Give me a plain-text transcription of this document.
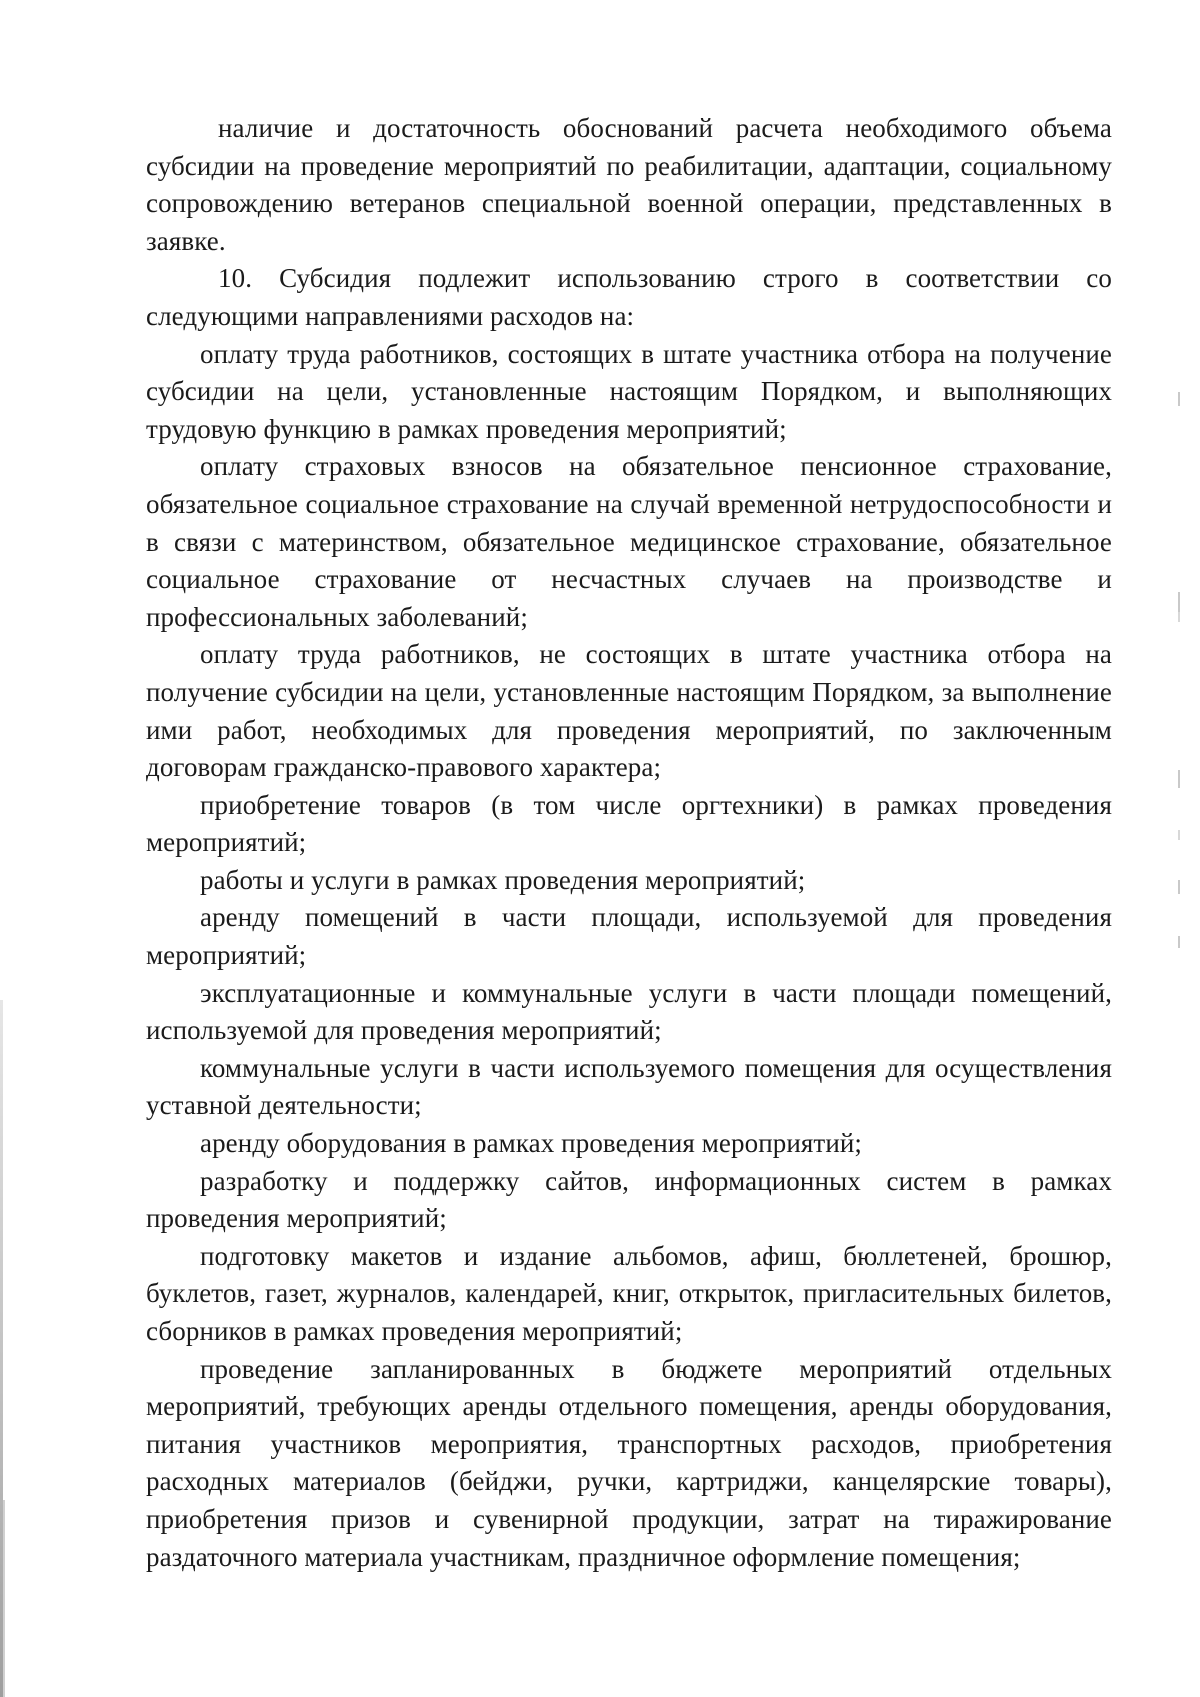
наличие и достаточность обоснований расчета необходимого объема субсидии на проведение мероприятий по реабилитации, адаптации, социальному сопровождению ветеранов специальной военной операции, представленных в заявке.

10. Субсидия подлежит использованию строго в соответствии со следующими направлениями расходов на:

оплату труда работников, состоящих в штате участника отбора на получение субсидии на цели, установленные настоящим Порядком, и выполняющих трудовую функцию в рамках проведения мероприятий;

оплату страховых взносов на обязательное пенсионное страхование, обязательное социальное страхование на случай временной нетрудоспособности и в связи с материнством, обязательное медицинское страхование, обязательное социальное страхование от несчастных случаев на производстве и профессиональных заболеваний;

оплату труда работников, не состоящих в штате участника отбора на получение субсидии на цели, установленные настоящим Порядком, за выполнение ими работ, необходимых для проведения мероприятий, по заключенным договорам гражданско-правового характера;

приобретение товаров (в том числе оргтехники) в рамках проведения мероприятий;

работы и услуги в рамках проведения мероприятий;

аренду помещений в части площади, используемой для проведения мероприятий;

эксплуатационные и коммунальные услуги в части площади помещений, используемой для проведения мероприятий;

коммунальные услуги в части используемого помещения для осуществления уставной деятельности;

аренду оборудования в рамках проведения мероприятий;

разработку и поддержку сайтов, информационных систем в рамках проведения мероприятий;

подготовку макетов и издание альбомов, афиш, бюллетеней, брошюр, буклетов, газет, журналов, календарей, книг, открыток, пригласительных билетов, сборников в рамках проведения мероприятий;

проведение запланированных в бюджете мероприятий отдельных мероприятий, требующих аренды отдельного помещения, аренды оборудования, питания участников мероприятия, транспортных расходов, приобретения расходных материалов (бейджи, ручки, картриджи, канцелярские товары), приобретения призов и сувенирной продукции, затрат на тиражирование раздаточного материала участникам, праздничное оформление помещения;
